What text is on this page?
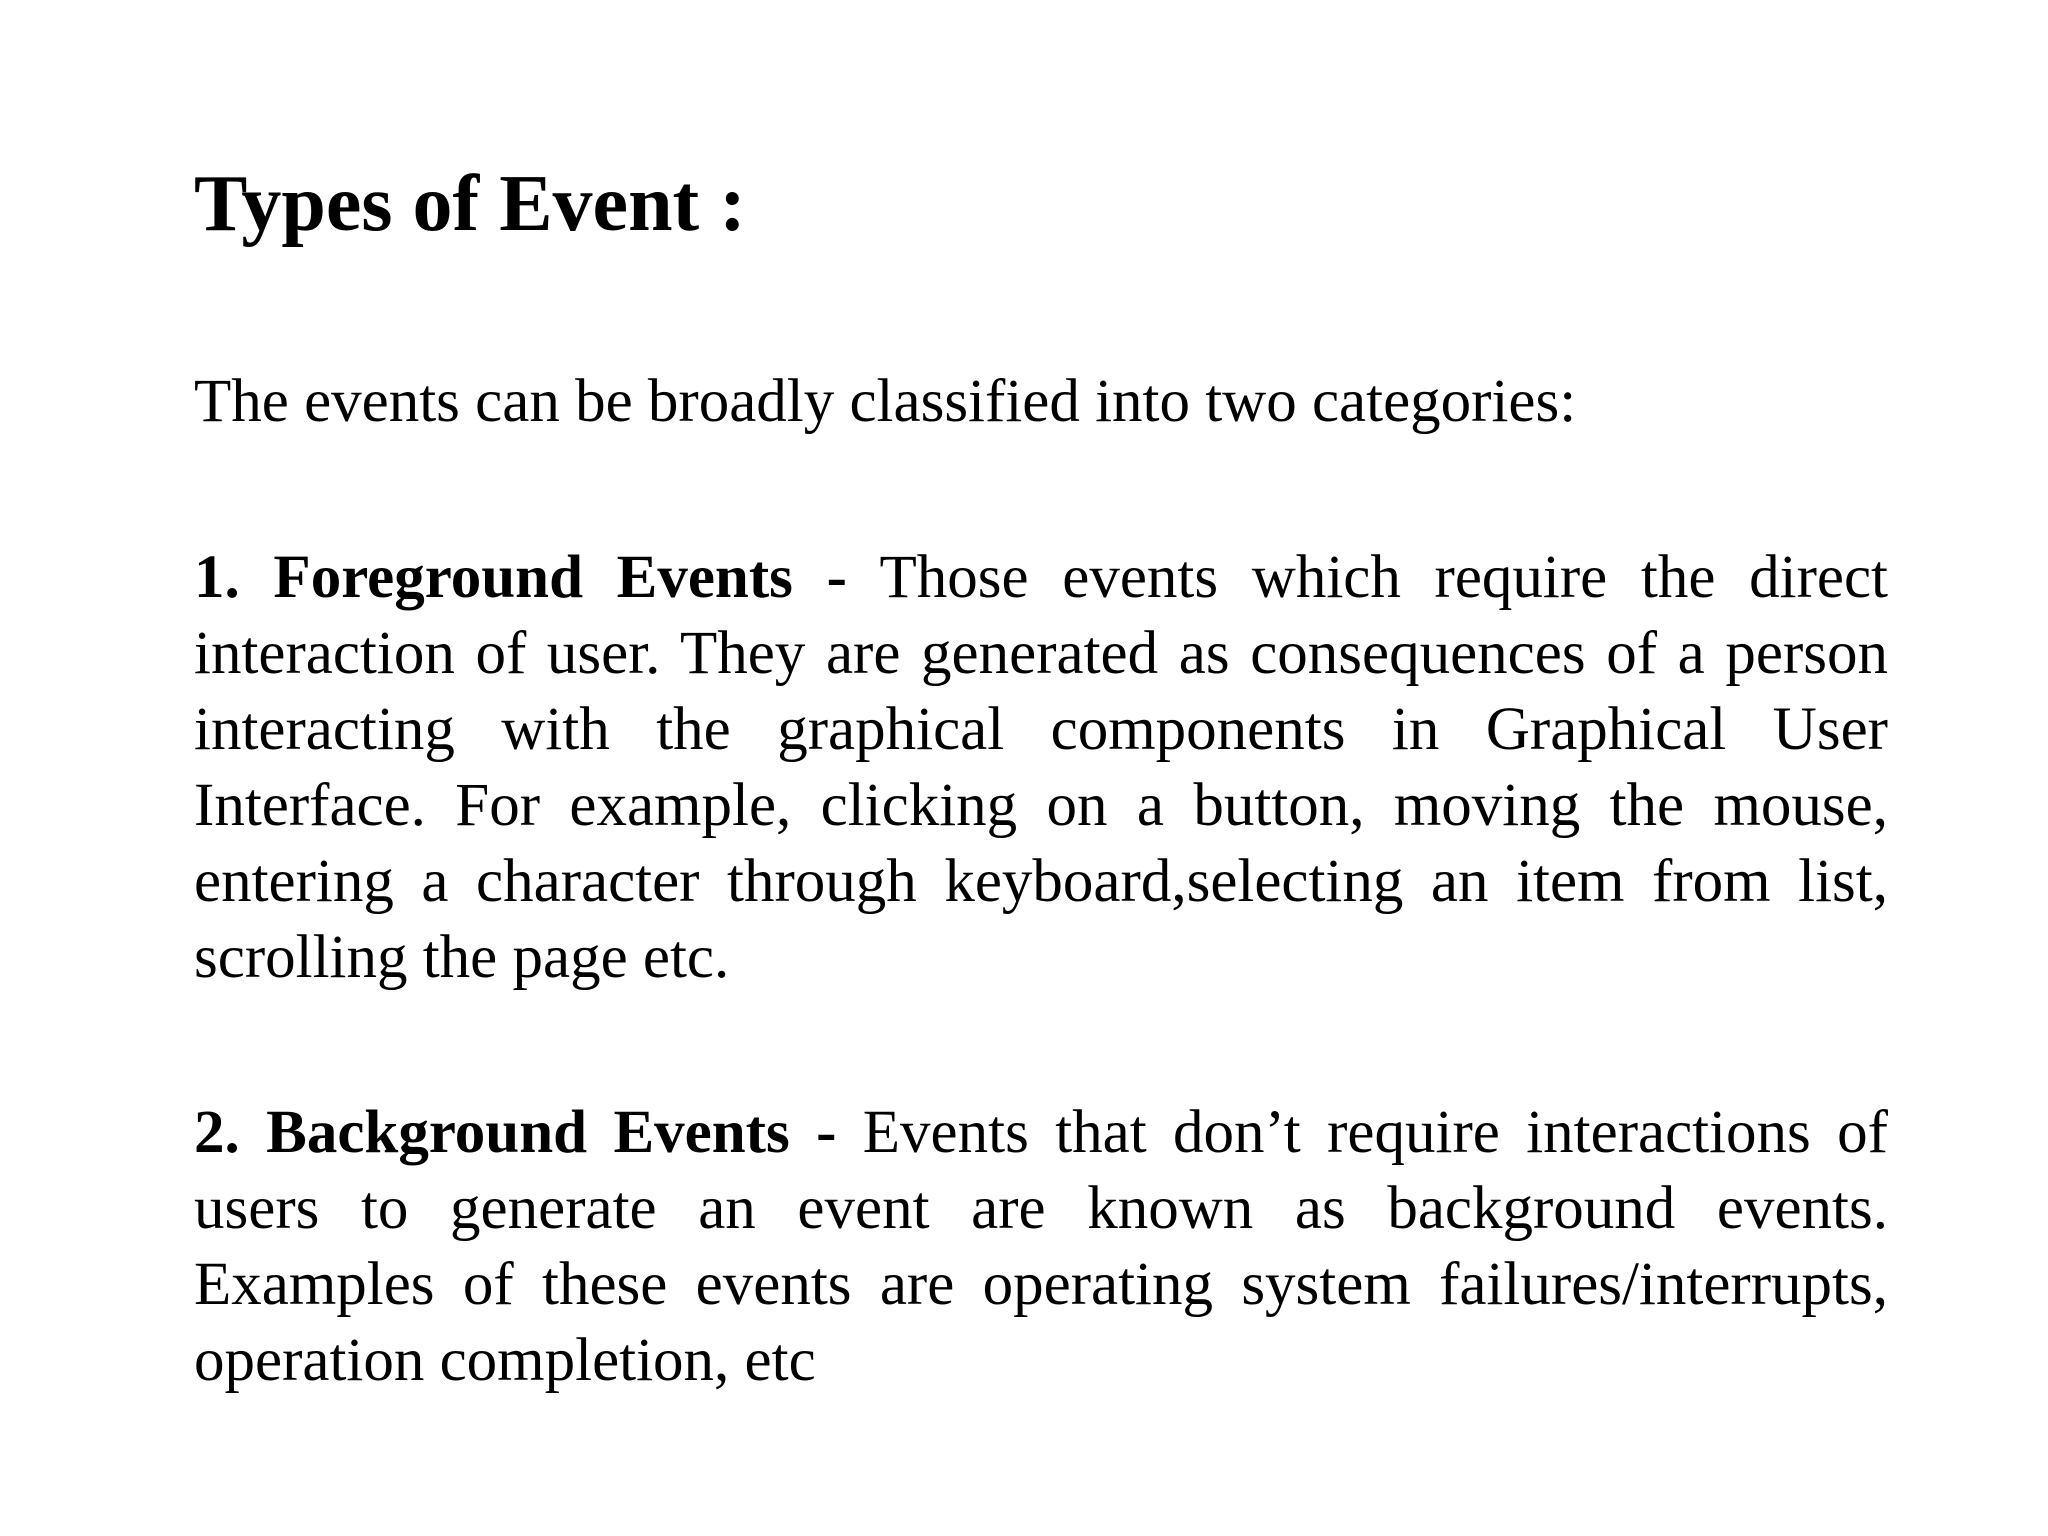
Types of Event :

The events can be broadly classified into two categories:

1. Foreground Events - Those events which require the direct interaction of user. They are generated as consequences of a person interacting with the graphical components in Graphical User Interface. For example, clicking on a button, moving the mouse, entering a character through keyboard,selecting an item from list, scrolling the page etc.

2. Background Events - Events that don’t require interactions of users to generate an event are known as background events. Examples of these events are operating system failures/interrupts, operation completion, etc
